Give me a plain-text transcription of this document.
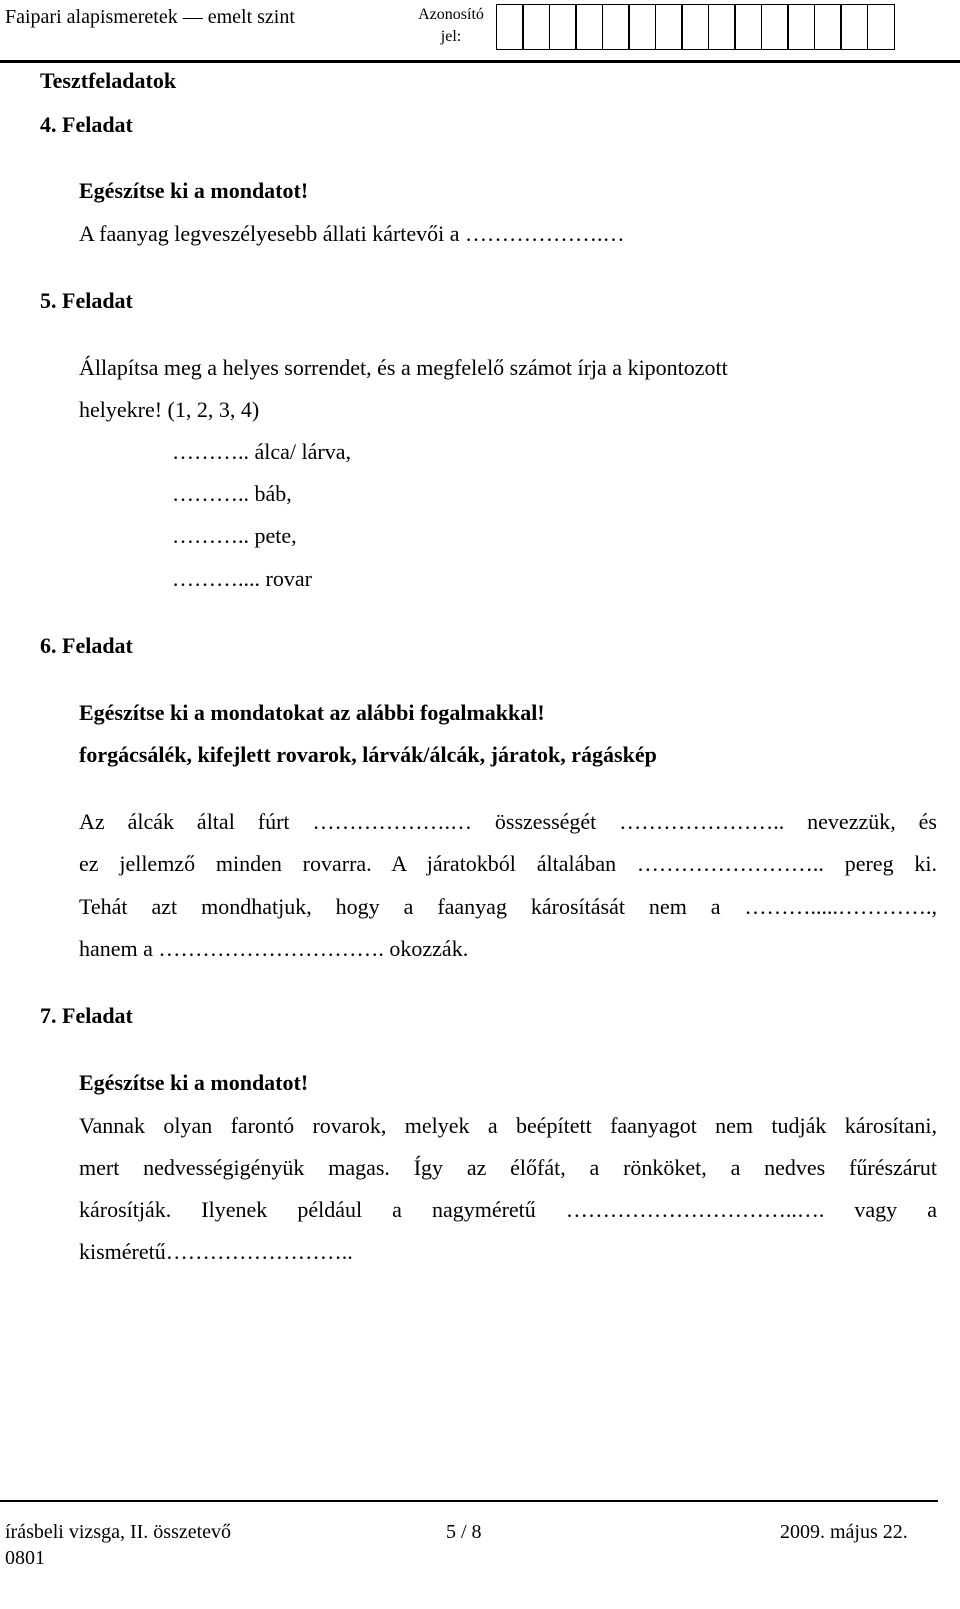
Faipari alapismeretek — emelt szint	Azonosító
jel:
Tesztfeladatok
4. Feladat
Egészítse ki a mondatot!
A faanyag legveszélyesebb állati kártevői a ……………….…
5. Feladat
Állapítsa meg a helyes sorrendet, és a megfelelő számot írja a kipontozott
helyekre! (1, 2, 3, 4)
……….. álca/ lárva,
……….. báb,
……….. pete,
……….... rovar
6. Feladat
Egészítse ki a mondatokat az alábbi fogalmakkal!
forgácsálék, kifejlett rovarok, lárvák/álcák, járatok, rágáskép
Az álcák által fúrt ……………….… összességét ………………….. nevezzük, és
ez jellemző minden rovarra. A járatokból általában …………………….. pereg ki.
Tehát azt mondhatjuk, hogy a faanyag károsítását nem a ……….....………….,
hanem a …………………………. okozzák.
7. Feladat
Egészítse ki a mondatot!
Vannak olyan farontó rovarok, melyek a beépített faanyagot nem tudják károsítani,
mert nedvességigényük magas. Így az élőfát, a rönköket, a nedves fűrészárut
károsítják. Ilyenek például a nagyméretű …………………………..…. vagy a
kisméretű……………………..
írásbeli vizsga, II. összetevő
0801
5 / 8	2009. május 22.
